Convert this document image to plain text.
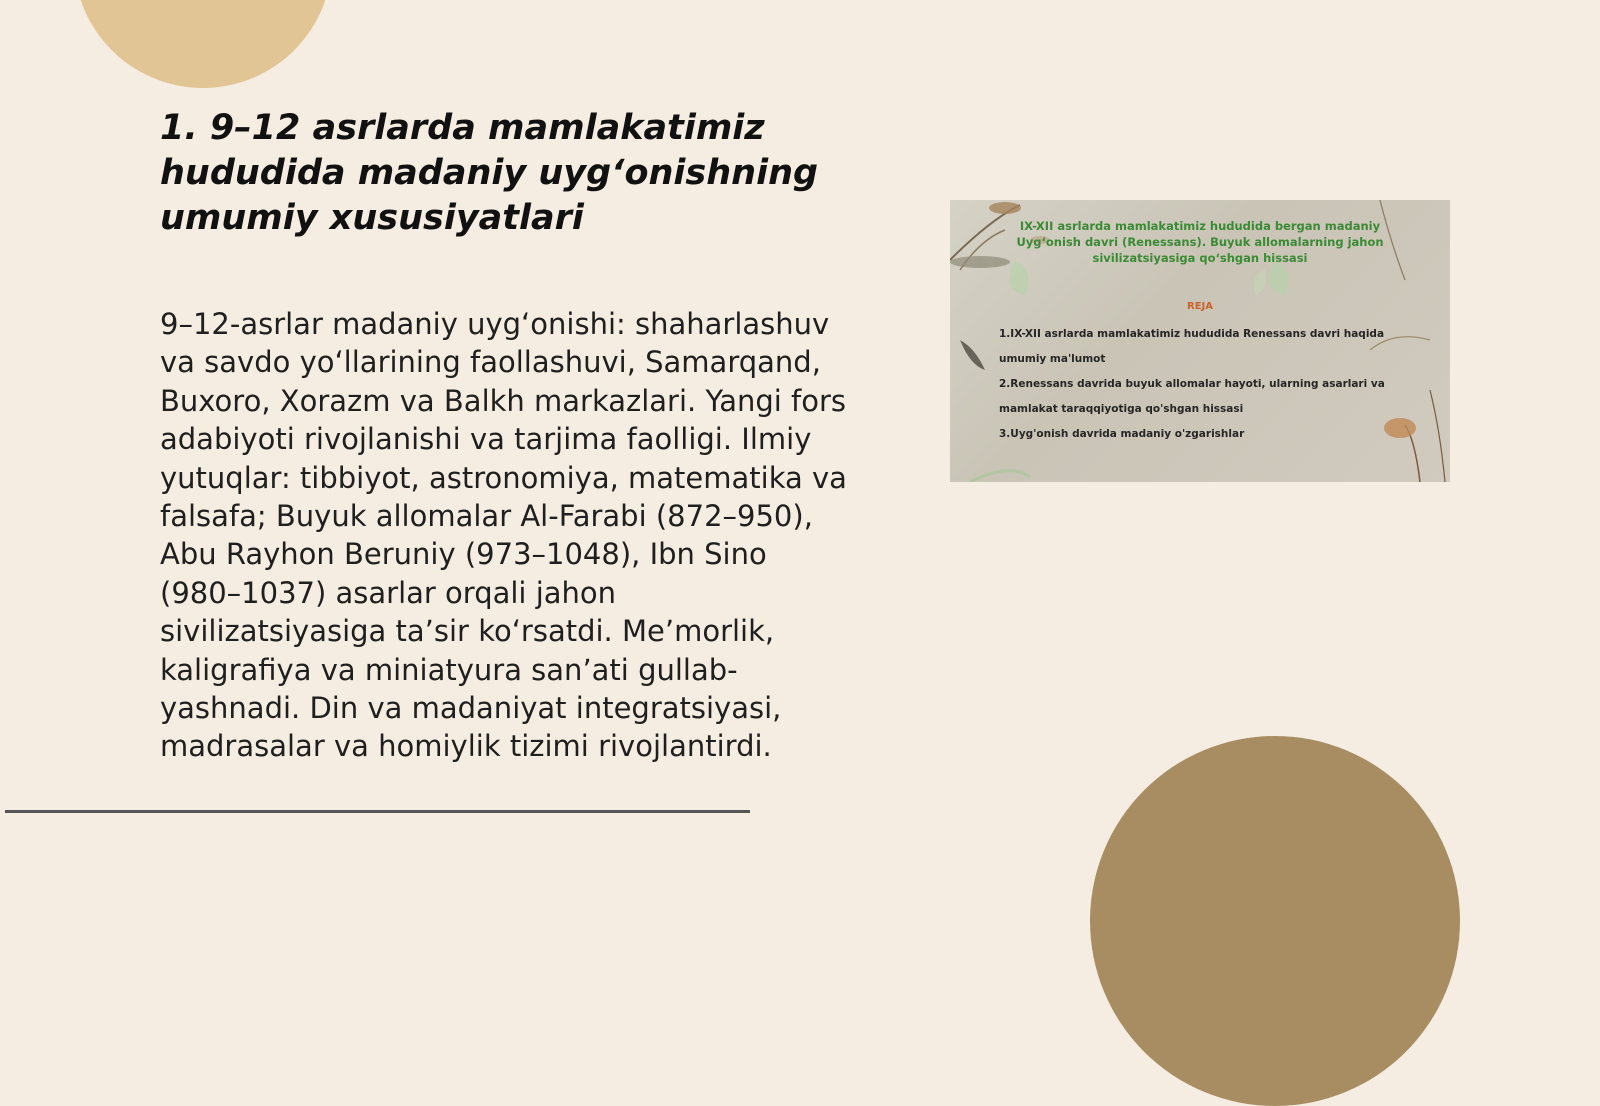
1. 9–12 asrlarda mamlakatimiz hududida madaniy uyg‘onishning umumiy xususiyatlari

9–12-asrlar madaniy uyg‘onishi: shaharlashuv va savdo yo‘llarining faollashuvi, Samarqand, Buxoro, Xorazm va Balkh markazlari. Yangi fors adabiyoti rivojlanishi va tarjima faolligi. Ilmiy yutuqlar: tibbiyot, astronomiya, matematika va falsafa; Buyuk allomalar Al-Farabi (872–950), Abu Rayhon Beruniy (973–1048), Ibn Sino (980–1037) asarlar orqali jahon sivilizatsiyasiga ta’sir ko‘rsatdi. Me’morlik, kaligrafiya va miniatyura san’ati gullab-yashnadi. Din va madaniyat integratsiyasi, madrasalar va homiylik tizimi rivojlantirdi.

IX-XII asrlarda mamlakatimiz hududida bergan madaniy Uyg‘onish davri (Renessans). Buyuk allomalarning jahon sivilizatsiyasiga qo‘shgan hissasi
REJA
1.IX-XII asrlarda mamlakatimiz hududida Renessans davri haqida umumiy ma'lumot
2.Renessans davrida buyuk allomalar hayoti, ularning asarlari va mamlakat taraqqiyotiga qo'shgan hissasi
3.Uyg'onish davrida madaniy o'zgarishlar
